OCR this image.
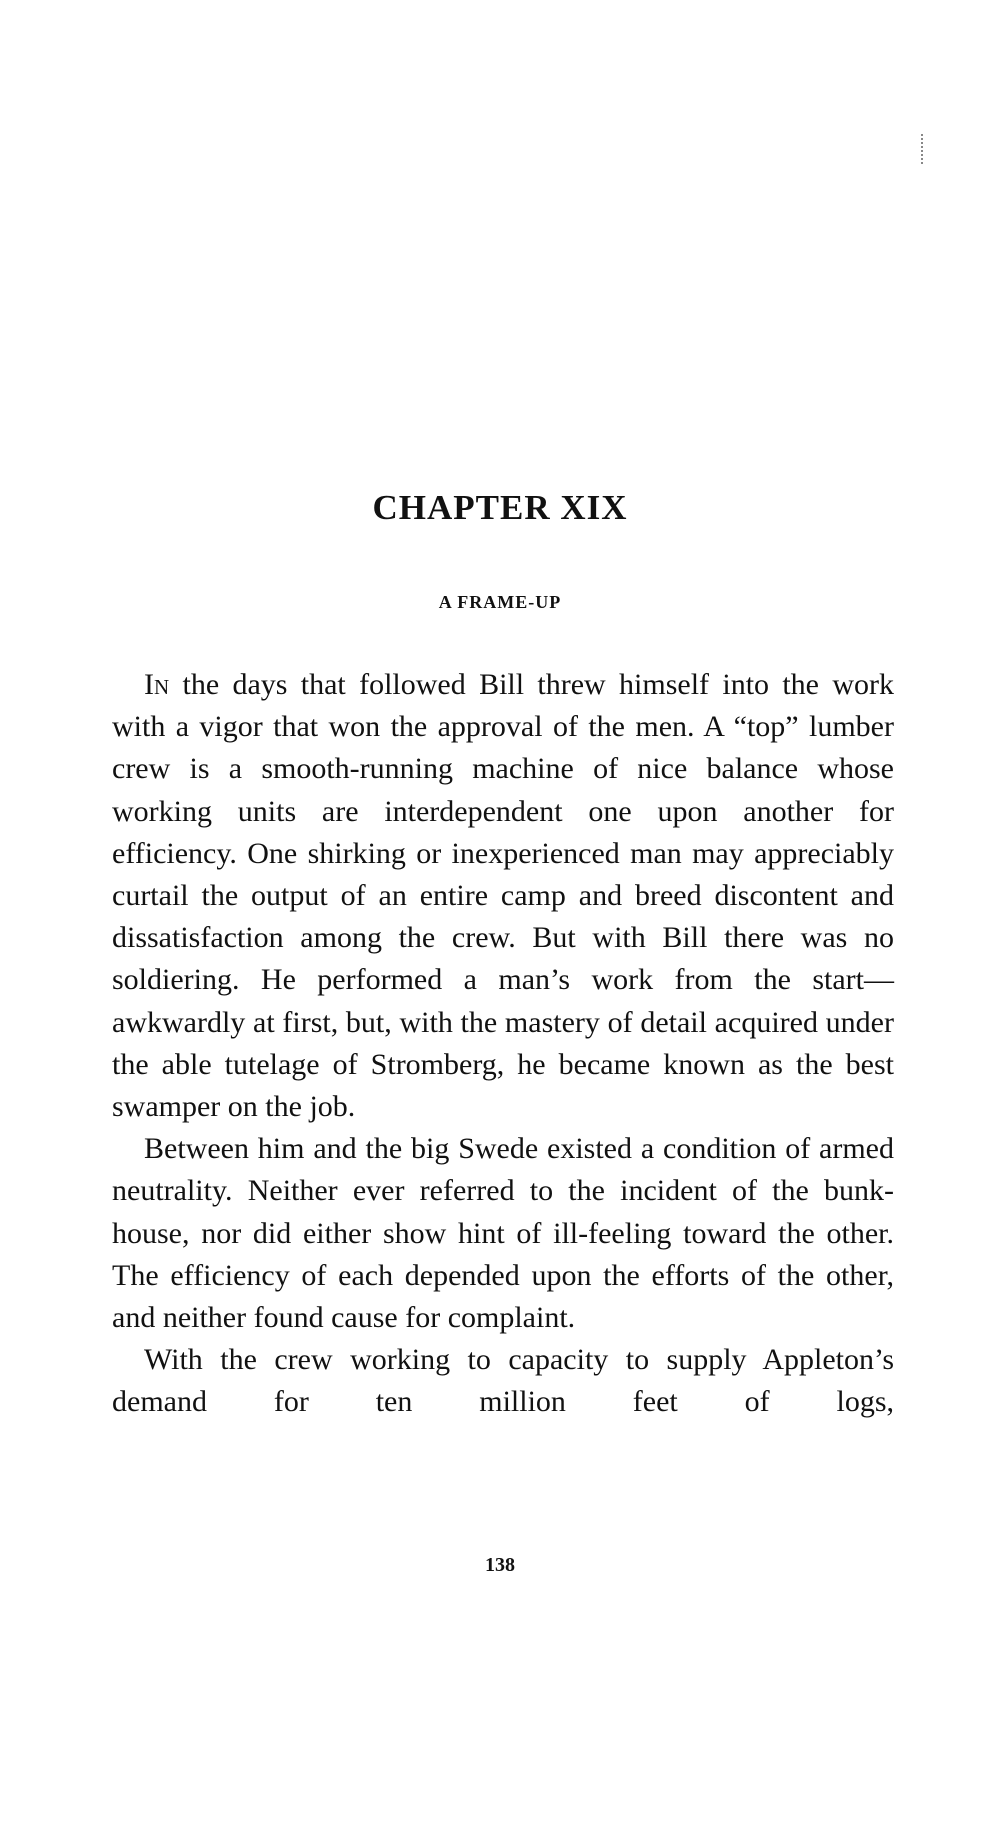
CHAPTER XIX
A FRAME-UP

In the days that followed Bill threw himself into the work with a vigor that won the approval of the men. A “top” lumber crew is a smooth-running machine of nice balance whose working units are interdependent one upon another for efficiency. One shirking or inexperienced man may appreciably curtail the output of an entire camp and breed discontent and dissatisfaction among the crew. But with Bill there was no soldiering. He performed a man’s work from the start—awkwardly at first, but, with the mastery of detail acquired under the able tutelage of Stromberg, he became known as the best swamper on the job.

Between him and the big Swede existed a condition of armed neutrality. Neither ever referred to the incident of the bunk-house, nor did either show hint of ill-feeling toward the other. The efficiency of each depended upon the efforts of the other, and neither found cause for complaint.

With the crew working to capacity to supply Appleton’s demand for ten million feet of logs,

138
